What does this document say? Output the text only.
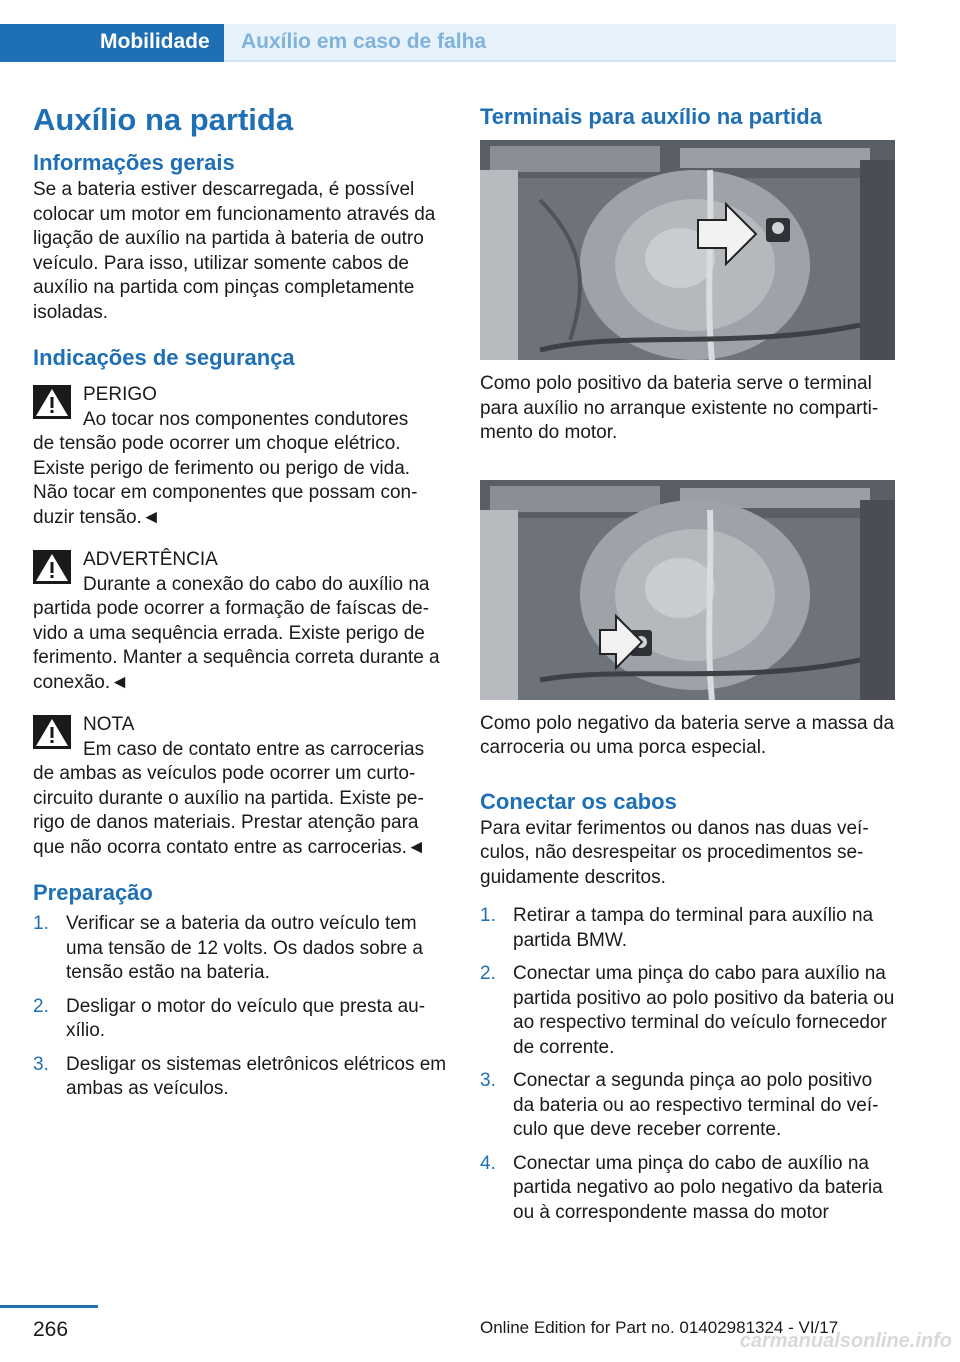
Mobilidade Auxílio em caso de falha
Auxílio na partida
Informações gerais

Se a bateria estiver descarregada, é possível colocar um motor em funcionamento através da ligação de auxílio na partida à bateria de outro veículo. Para isso, utilizar somente cabos de auxílio na partida com pinças completamente isoladas.

Indicações de segurança
PERIGO
Ao tocar nos componentes condutores
de tensão pode ocorrer um choque elétrico. Existe perigo de ferimento ou perigo de vida. Não tocar em componentes que possam conduzir tensão.◄
ADVERTÊNCIA
Durante a conexão do cabo do auxílio na
partida pode ocorrer a formação de faíscas devido a uma sequência errada. Existe perigo de ferimento. Manter a sequência correta durante a conexão.◄
NOTA
Em caso de contato entre as carrocerias
de ambas as veículos pode ocorrer um curto-circuito durante o auxílio na partida. Existe perigo de danos materiais. Prestar atenção para que não ocorra contato entre as carrocerias.◄
Preparação
1. Verificar se a bateria da outro veículo tem uma tensão de 12 volts. Os dados sobre a tensão estão na bateria.
2. Desligar o motor do veículo que presta auxílio.
3. Desligar os sistemas eletrônicos elétricos em ambas as veículos.
Terminais para auxílio na partida

Como polo positivo da bateria serve o terminal para auxílio no arranque existente no compartimento do motor.

Como polo negativo da bateria serve a massa da carroceria ou uma porca especial.

Conectar os cabos

Para evitar ferimentos ou danos nas duas veículos, não desrespeitar os procedimentos seguidamente descritos.

1. Retirar a tampa do terminal para auxílio na partida BMW.
2. Conectar uma pinça do cabo para auxílio na partida positivo ao polo positivo da bateria ou ao respectivo terminal do veículo fornecedor de corrente.
3. Conectar a segunda pinça ao polo positivo da bateria ou ao respectivo terminal do veículo que deve receber corrente.
4. Conectar uma pinça do cabo de auxílio na partida negativo ao polo negativo da bateria ou à correspondente massa do motor
266	Online Edition for Part no. 01402981324 - VI/17
carmanualsonline.info
